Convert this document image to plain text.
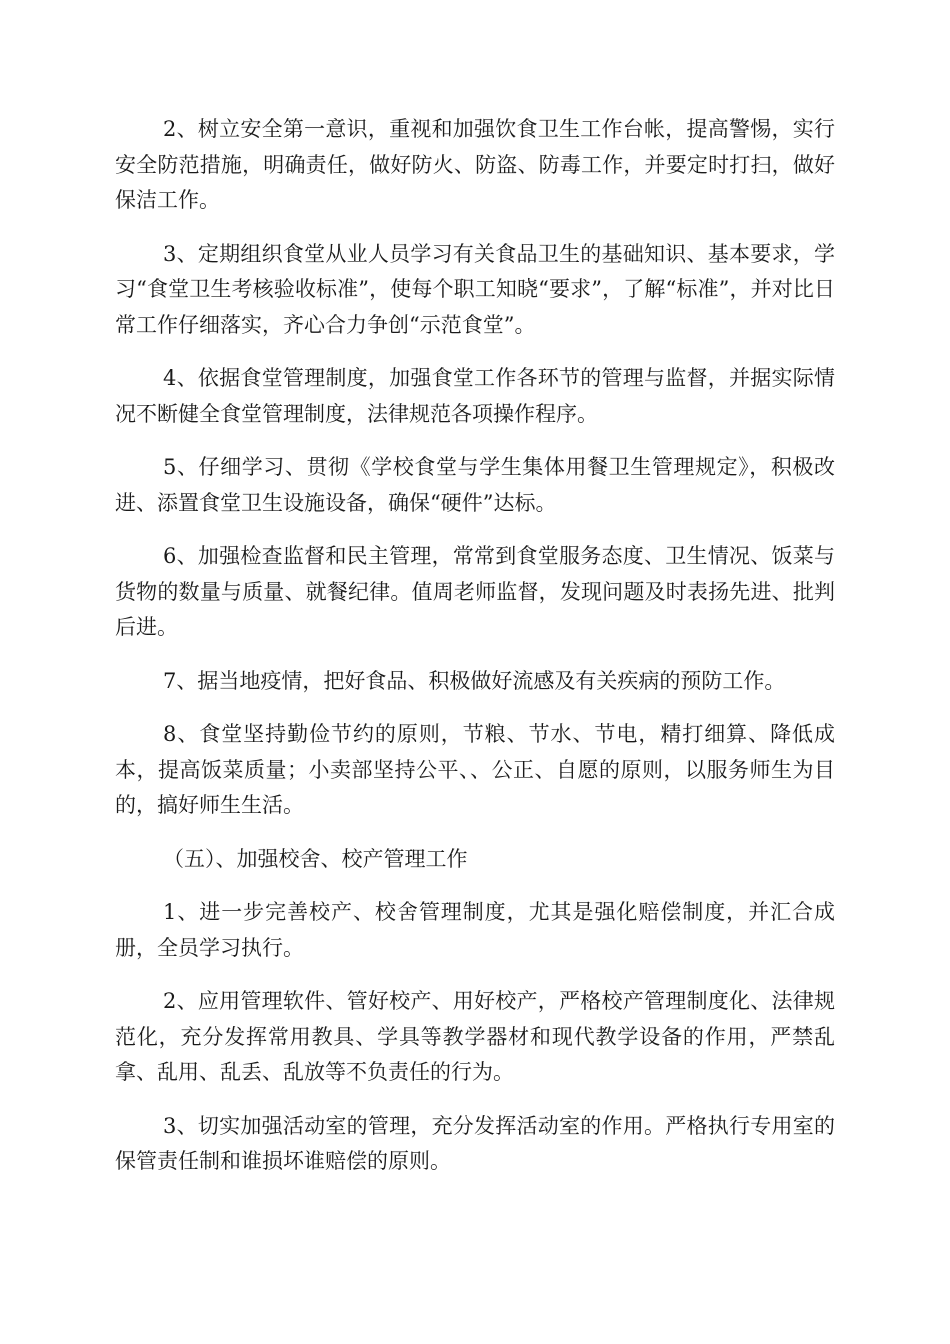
2、树立安全第一意识，重视和加强饮食卫生工作台帐，提高警惕，实行安全防范措施，明确责任，做好防火、防盗、防毒工作，并要定时打扫，做好保洁工作。

3、定期组织食堂从业人员学习有关食品卫生的基础知识、基本要求，学习“食堂卫生考核验收标准”，使每个职工知晓“要求”，了解“标准”，并对比日常工作仔细落实，齐心合力争创“示范食堂”。

4、依据食堂管理制度，加强食堂工作各环节的管理与监督，并据实际情况不断健全食堂管理制度，法律规范各项操作程序。

5、仔细学习、贯彻《学校食堂与学生集体用餐卫生管理规定》，积极改进、添置食堂卫生设施设备，确保“硬件”达标。

6、加强检查监督和民主管理，常常到食堂服务态度、卫生情况、饭菜与货物的数量与质量、就餐纪律。值周老师监督，发现问题及时表扬先进、批判后进。

7、据当地疫情，把好食品、积极做好流感及有关疾病的预防工作。

8、食堂坚持勤俭节约的原则，节粮、节水、节电，精打细算、降低成本，提高饭菜质量；小卖部坚持公平、、公正、自愿的原则，以服务师生为目的，搞好师生生活。

（五）、加强校舍、校产管理工作

1、进一步完善校产、校舍管理制度，尤其是强化赔偿制度，并汇合成册，全员学习执行。

2、应用管理软件、管好校产、用好校产，严格校产管理制度化、法律规范化，充分发挥常用教具、学具等教学器材和现代教学设备的作用，严禁乱拿、乱用、乱丢、乱放等不负责任的行为。

3、切实加强活动室的管理，充分发挥活动室的作用。严格执行专用室的保管责任制和谁损坏谁赔偿的原则。
